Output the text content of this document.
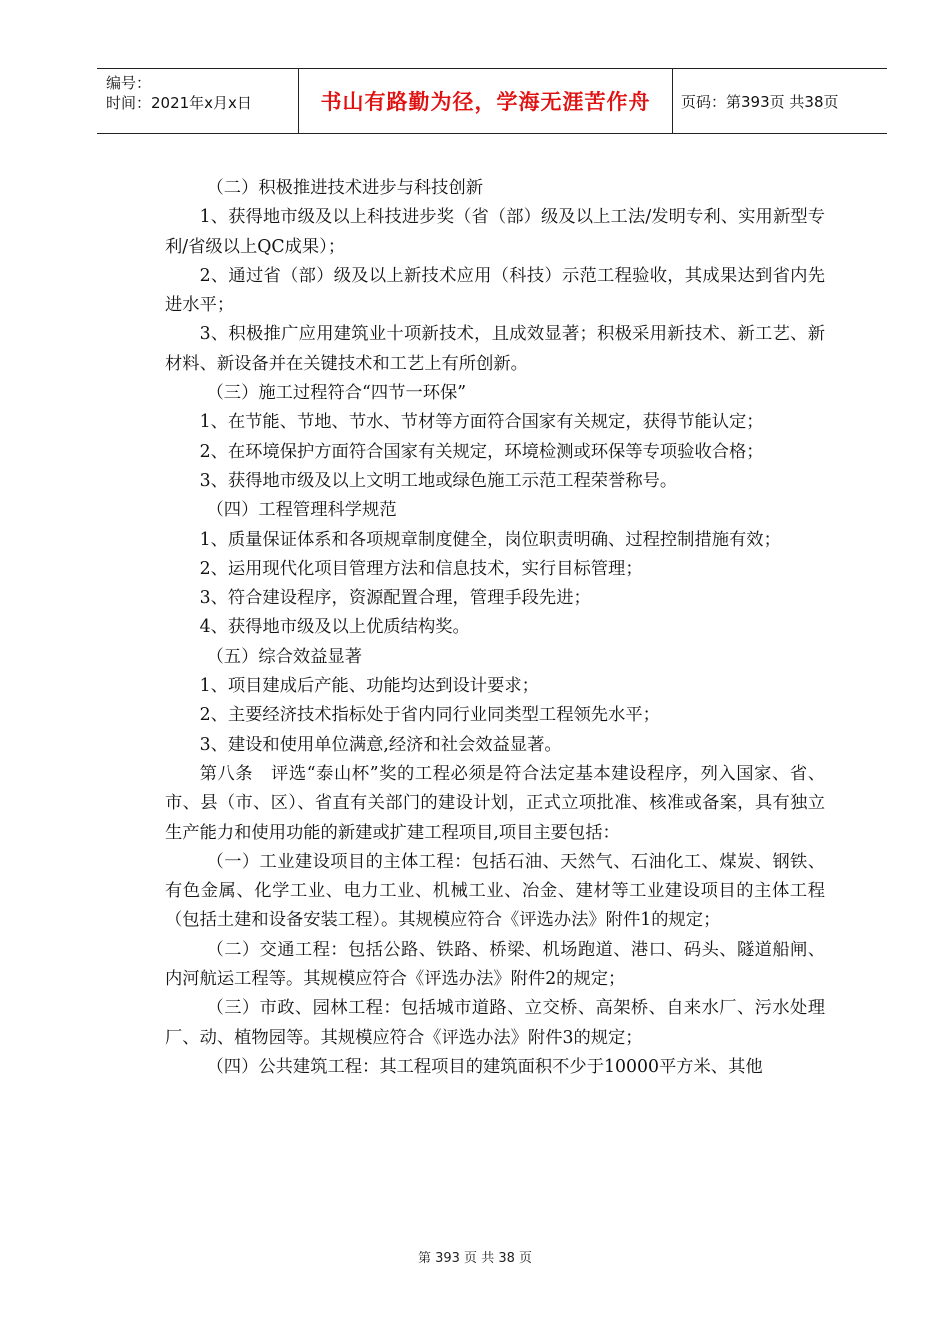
编号：
时间：2021年x月x日	书山有路勤为径，学海无涯苦作舟 页码：第393页 共38页

（二）积极推进技术进步与科技创新

1、获得地市级及以上科技进步奖（省（部）级及以上工法/发明专利、实用新型专利/省级以上QC成果）；

2、通过省（部）级及以上新技术应用（科技）示范工程验收，其成果达到省内先进水平；

3、积极推广应用建筑业十项新技术，且成效显著；积极采用新技术、新工艺、新材料、新设备并在关键技术和工艺上有所创新。

（三）施工过程符合“四节一环保”

1、在节能、节地、节水、节材等方面符合国家有关规定，获得节能认定；

2、在环境保护方面符合国家有关规定，环境检测或环保等专项验收合格；

3、获得地市级及以上文明工地或绿色施工示范工程荣誉称号。

（四）工程管理科学规范

1、质量保证体系和各项规章制度健全，岗位职责明确、过程控制措施有效；

2、运用现代化项目管理方法和信息技术，实行目标管理；

3、符合建设程序，资源配置合理，管理手段先进；

4、获得地市级及以上优质结构奖。

（五）综合效益显著

1、项目建成后产能、功能均达到设计要求；

2、主要经济技术指标处于省内同行业同类型工程领先水平；

3、建设和使用单位满意,经济和社会效益显著。

第八条　评选“泰山杯”奖的工程必须是符合法定基本建设程序，列入国家、省、市、县（市、区）、省直有关部门的建设计划，正式立项批准、核准或备案，具有独立生产能力和使用功能的新建或扩建工程项目,项目主要包括：

（一）工业建设项目的主体工程：包括石油、天然气、石油化工、煤炭、钢铁、有色金属、化学工业、电力工业、机械工业、冶金、建材等工业建设项目的主体工程（包括土建和设备安装工程）。其规模应符合《评选办法》附件1的规定；

（二）交通工程：包括公路、铁路、桥梁、机场跑道、港口、码头、隧道船闸、内河航运工程等。其规模应符合《评选办法》附件2的规定；

（三）市政、园林工程：包括城市道路、立交桥、高架桥、自来水厂、污水处理厂、动、植物园等。其规模应符合《评选办法》附件3的规定；

（四）公共建筑工程：其工程项目的建筑面积不少于10000平方米、其他

第 393 页 共 38 页
